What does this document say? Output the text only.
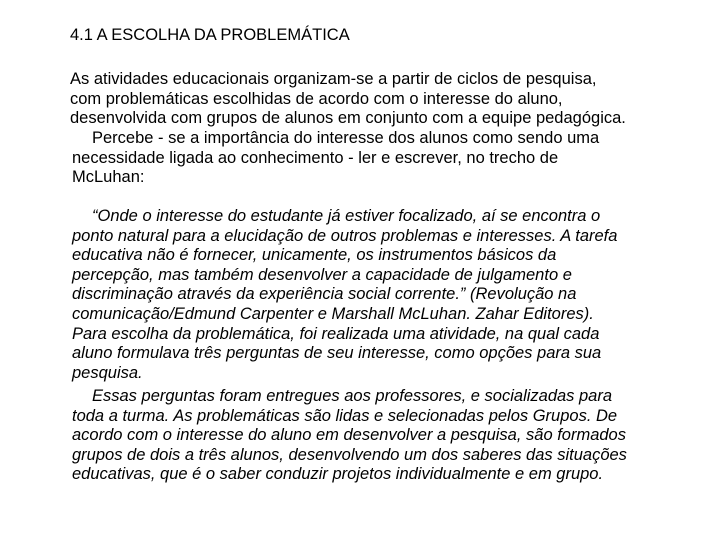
4.1 A ESCOLHA DA PROBLEMÁTICA

As atividades educacionais organizam-se a partir de ciclos de pesquisa,
com problemáticas escolhidas de acordo com o interesse do aluno,
desenvolvida com grupos de alunos em conjunto com a equipe pedagógica.

Percebe - se a importância do interesse dos alunos como sendo uma
necessidade ligada ao conhecimento - ler e escrever, no trecho de
McLuhan:

“Onde o interesse do estudante já estiver focalizado, aí se encontra o
ponto natural para a elucidação de outros problemas e interesses. A tarefa
educativa não é fornecer, unicamente, os instrumentos básicos da
percepção, mas também desenvolver a capacidade de julgamento e
discriminação através da experiência social corrente.” (Revolução na
comunicação/Edmund Carpenter e Marshall McLuhan. Zahar Editores).
Para escolha da problemática, foi realizada uma atividade, na qual cada
aluno formulava três perguntas de seu interesse, como opções para sua
pesquisa.

Essas perguntas foram entregues aos professores, e socializadas para
toda a turma. As problemáticas são lidas e selecionadas pelos Grupos. De
acordo com o interesse do aluno em desenvolver a pesquisa, são formados
grupos de dois a três alunos, desenvolvendo um dos saberes das situações
educativas, que é o saber conduzir projetos individualmente e em grupo.
